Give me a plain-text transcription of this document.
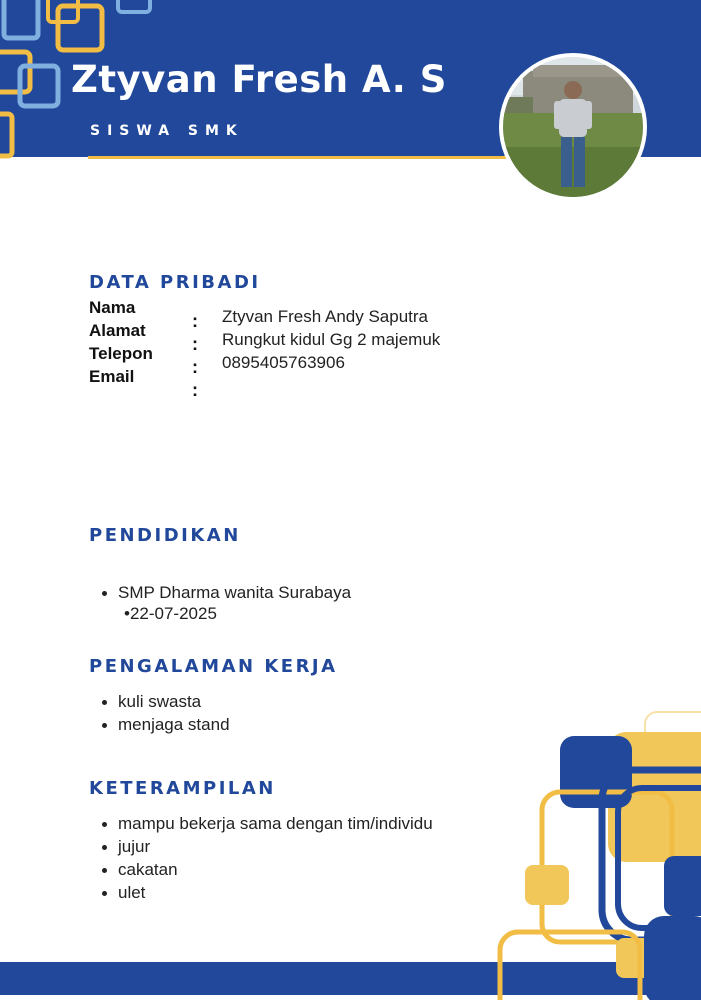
Ztyvan Fresh A. S
SISWA SMK
DATA PRIBADI
Nama
Alamat
Telepon
Email
:
:
:
:
Ztyvan Fresh Andy Saputra
Rungkut kidul Gg 2 majemuk
0895405763906
PENDIDIKAN
SMP Dharma wanita Surabaya
•22-07-2025
PENGALAMAN KERJA
kuli swasta
menjaga stand
KETERAMPILAN
mampu bekerja sama dengan tim/individu
jujur
cakatan
ulet
